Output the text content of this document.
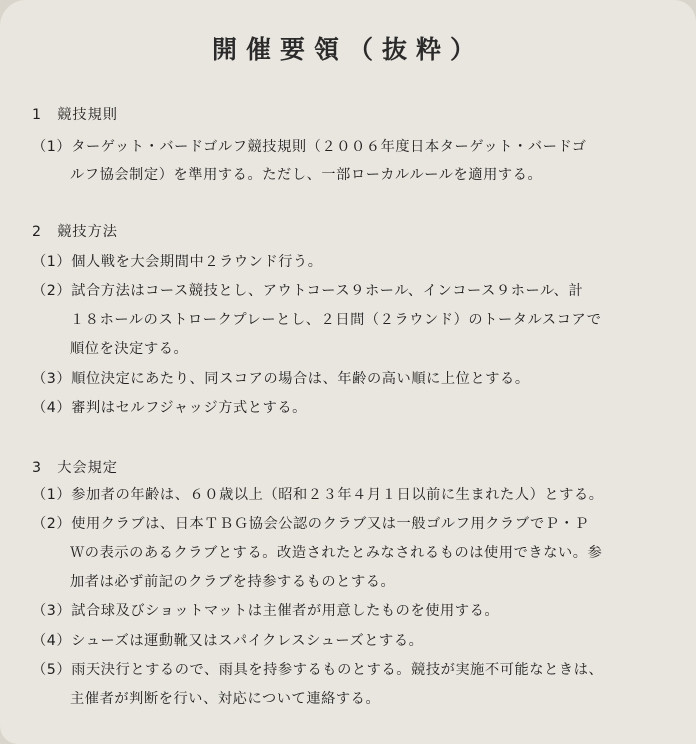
開催要領（抜粋）
1　競技規則
（1）ターゲット・バードゴルフ競技規則（２００６年度日本ターゲット・バードゴ
ルフ協会制定）を準用する。ただし、一部ローカルルールを適用する。
2　競技方法
（1）個人戦を大会期間中２ラウンド行う。
（2）試合方法はコース競技とし、アウトコース９ホール、インコース９ホール、計
１８ホールのストロークプレーとし、２日間（２ラウンド）のトータルスコアで
順位を決定する。
（3）順位決定にあたり、同スコアの場合は、年齢の高い順に上位とする。
（4）審判はセルフジャッジ方式とする。
3　大会規定
（1）参加者の年齢は、６０歳以上（昭和２３年４月１日以前に生まれた人）とする。
（2）使用クラブは、日本ＴＢＧ協会公認のクラブ又は一般ゴルフ用クラブでＰ・Ｐ
Ｗの表示のあるクラブとする。改造されたとみなされるものは使用できない。参
加者は必ず前記のクラブを持参するものとする。
（3）試合球及びショットマットは主催者が用意したものを使用する。
（4）シューズは運動靴又はスパイクレスシューズとする。
（5）雨天決行とするので、雨具を持参するものとする。競技が実施不可能なときは、
主催者が判断を行い、対応について連絡する。
